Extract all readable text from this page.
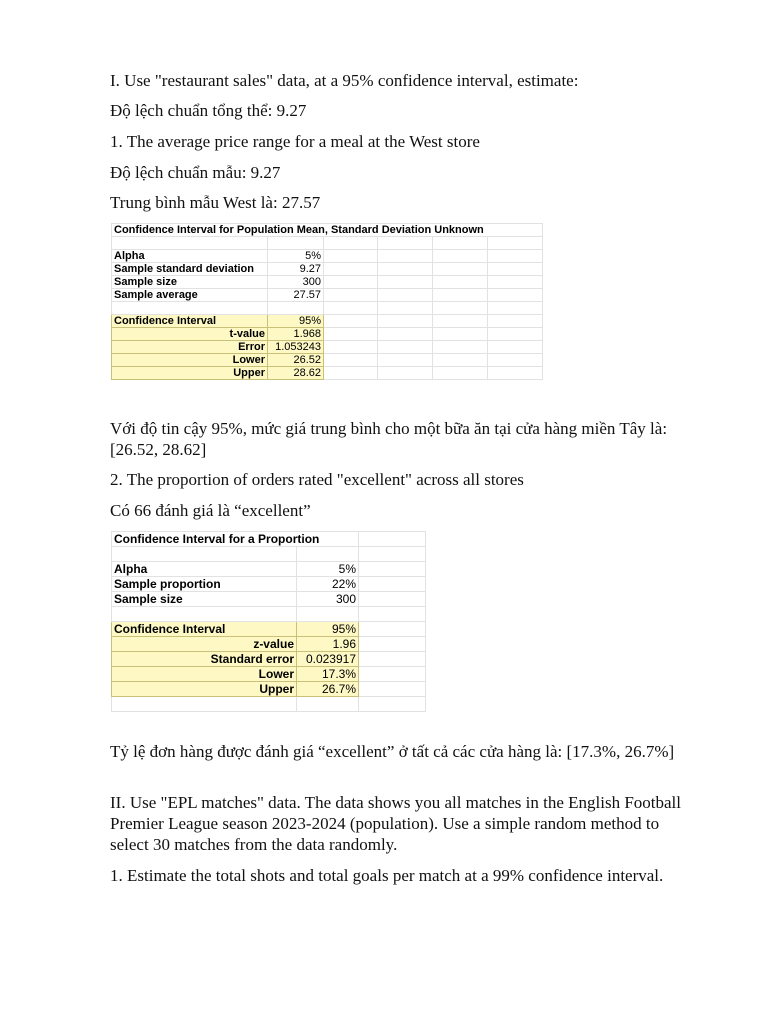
I. Use "restaurant sales" data, at a 95% confidence interval, estimate:

Độ lệch chuẩn tổng thể: 9.27

1. The average price range for a meal at the West store

Độ lệch chuẩn mẫu: 9.27

Trung bình mẫu West là: 27.57

Confidence Interval for Population Mean, Standard Deviation Unknown					

Alpha	5%				
Sample standard deviation	9.27				
Sample size	300				
Sample average	27.57				

Confidence Interval	95%				
t-value	1.968				
Error	1.053243				
Lower	26.52				
Upper	28.62				

Với độ tin cậy 95%, mức giá trung bình cho một bữa ăn tại cửa hàng miền Tây là: [26.52, 28.62]

2. The proportion of orders rated "excellent" across all stores

Có 66 đánh giá là “excellent”

Confidence Interval for a Proportion		

Alpha	5%	
Sample proportion	22%	
Sample size	300	

Confidence Interval	95%	
z-value	1.96	
Standard error	0.023917	
Lower	17.3%	
Upper	26.7%	

Tỷ lệ đơn hàng được đánh giá “excellent” ở tất cả các cửa hàng là: [17.3%, 26.7%]

II. Use "EPL matches" data. The data shows you all matches in the English Football Premier League season 2023-2024 (population). Use a simple random method to select 30 matches from the data randomly.

1. Estimate the total shots and total goals per match at a 99% confidence interval.
